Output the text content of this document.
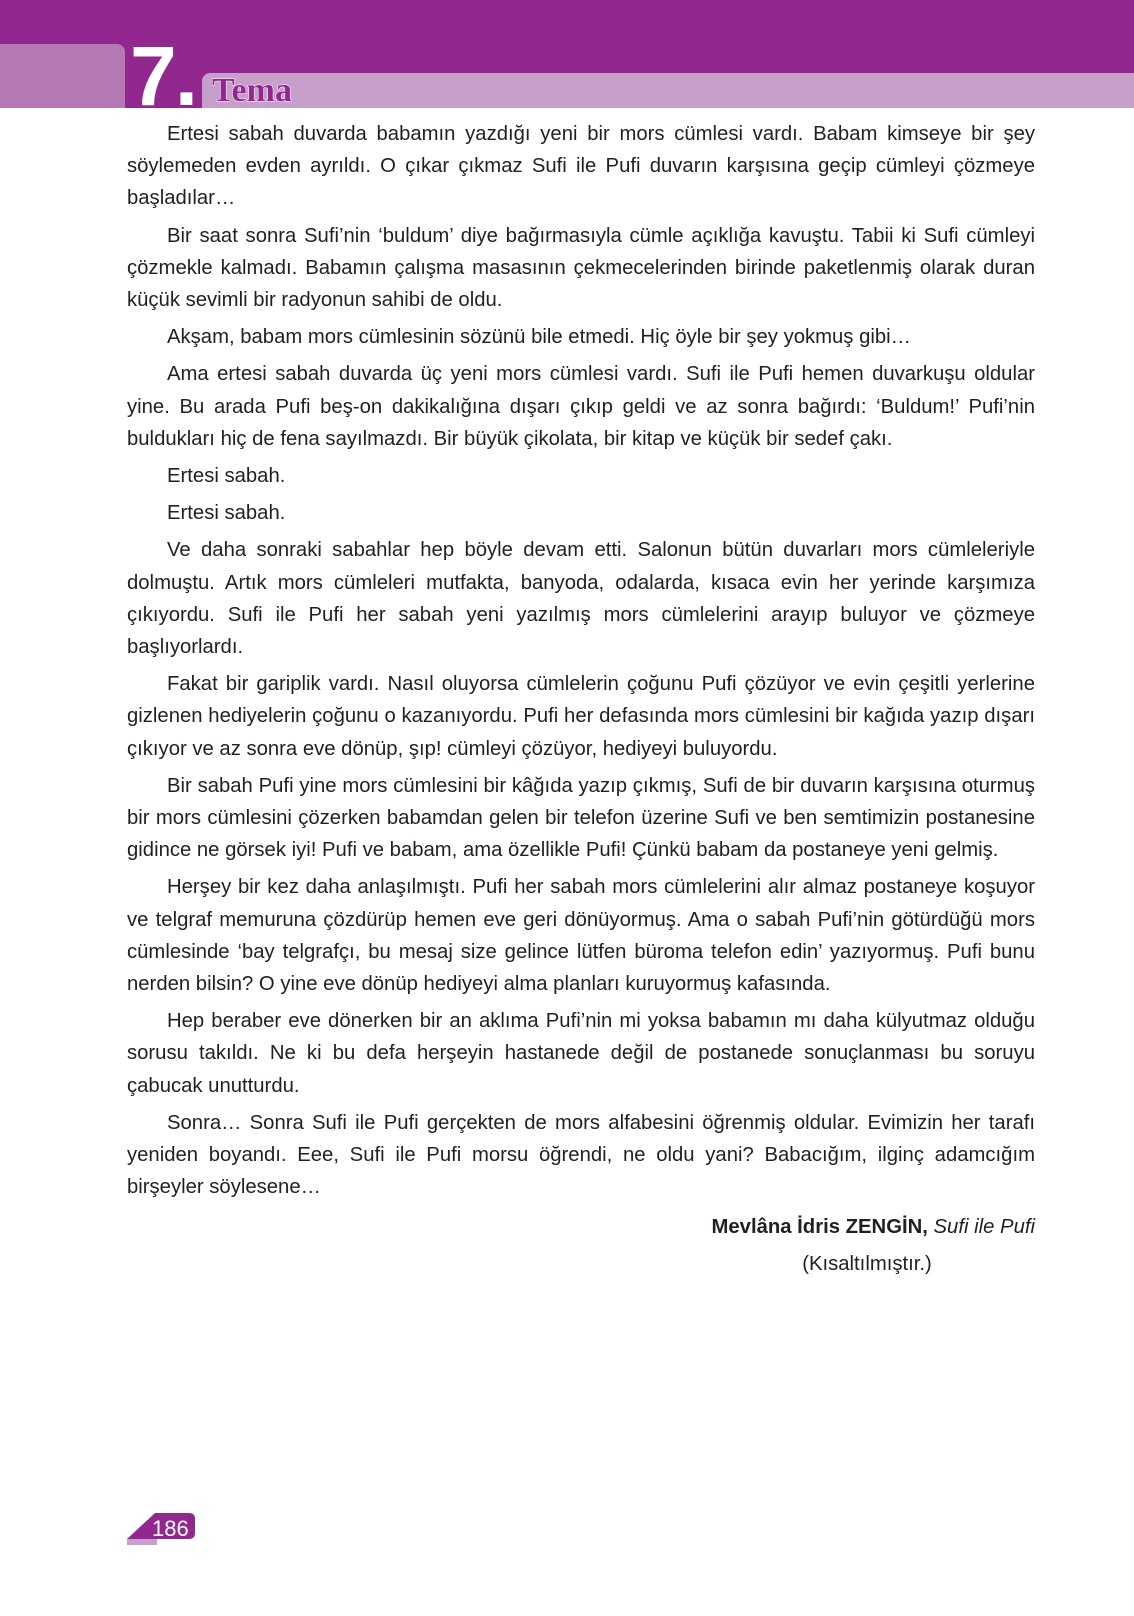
7. Tema

Ertesi sabah duvarda babamın yazdığı yeni bir mors cümlesi vardı. Babam kimseye bir şey söylemeden evden ayrıldı. O çıkar çıkmaz Sufi ile Pufi duvarın karşısına geçip cümleyi çözmeye başladılar…

Bir saat sonra Sufi’nin ‘buldum’ diye bağırmasıyla cümle açıklığa kavuştu. Tabii ki Sufi cümleyi çözmekle kalmadı. Babamın çalışma masasının çekmecelerinden birinde paketlenmiş olarak duran küçük sevimli bir radyonun sahibi de oldu.

Akşam, babam mors cümlesinin sözünü bile etmedi. Hiç öyle bir şey yokmuş gibi…

Ama ertesi sabah duvarda üç yeni mors cümlesi vardı. Sufi ile Pufi hemen duvarkuşu oldular yine. Bu arada Pufi beş-on dakikalığına dışarı çıkıp geldi ve az sonra bağırdı: ‘Buldum!’ Pufi’nin buldukları hiç de fena sayılmazdı. Bir büyük çikolata, bir kitap ve küçük bir sedef çakı.

Ertesi sabah.

Ertesi sabah.

Ve daha sonraki sabahlar hep böyle devam etti. Salonun bütün duvarları mors cümleleriyle dolmuştu. Artık mors cümleleri mutfakta, banyoda, odalarda, kısaca evin her yerinde karşımıza çıkıyordu. Sufi ile Pufi her sabah yeni yazılmış mors cümlelerini arayıp buluyor ve çözmeye başlıyorlardı.

Fakat bir gariplik vardı. Nasıl oluyorsa cümlelerin çoğunu Pufi çözüyor ve evin çeşitli yerlerine gizlenen hediyelerin çoğunu o kazanıyordu. Pufi her defasında mors cümlesini bir kağıda yazıp dışarı çıkıyor ve az sonra eve dönüp, şıp! cümleyi çözüyor, hediyeyi buluyordu.

Bir sabah Pufi yine mors cümlesini bir kâğıda yazıp çıkmış, Sufi de bir duvarın karşısına oturmuş bir mors cümlesini çözerken babamdan gelen bir telefon üzerine Sufi ve ben semtimizin postanesine gidince ne görsek iyi! Pufi ve babam, ama özellikle Pufi! Çünkü babam da postaneye yeni gelmiş.

Herşey bir kez daha anlaşılmıştı. Pufi her sabah mors cümlelerini alır almaz postaneye koşuyor ve telgraf memuruna çözdürüp hemen eve geri dönüyormuş. Ama o sabah Pufi’nin götürdüğü mors cümlesinde ‘bay telgrafçı, bu mesaj size gelince lütfen büroma telefon edin’ yazıyormuş. Pufi bunu nerden bilsin? O yine eve dönüp hediyeyi alma planları kuruyormuş kafasında.

Hep beraber eve dönerken bir an aklıma Pufi’nin mi yoksa babamın mı daha külyutmaz olduğu sorusu takıldı. Ne ki bu defa herşeyin hastanede değil de postanede sonuçlanması bu soruyu çabucak unutturdu.

Sonra… Sonra Sufi ile Pufi gerçekten de mors alfabesini öğrenmiş oldular. Evimizin her tarafı yeniden boyandı. Eee, Sufi ile Pufi morsu öğrendi, ne oldu yani? Babacığım, ilginç adamcığım birşeyler söylesene…

Mevlâna İdris ZENGİN, Sufi ile Pufi
(Kısaltılmıştır.)
186
